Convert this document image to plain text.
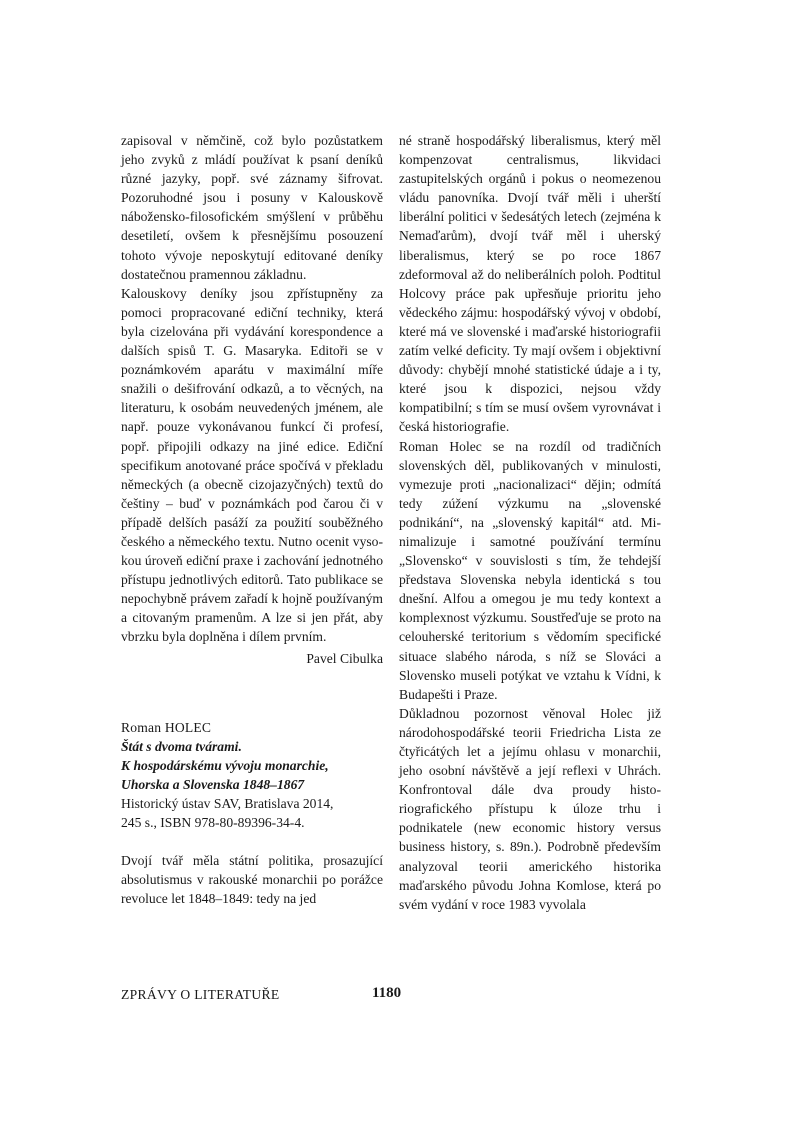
zapisoval v němčině, což bylo pozůstatkem jeho zvyků z mládí používat k psaní deníků různé jazyky, popř. své záznamy šifrovat. Pozoruhodné jsou i posuny v Kalouskově nábožensko-filosofickém smýšlení v průběhu desetiletí, ovšem k přesnějšímu posouzení tohoto vývoje neposkytují editované deníky dostatečnou pramennou základnu.

Kalouskovy deníky jsou zpřístupněny za pomoci propracované ediční techniky, která byla cizelována při vydávání korespondence a dalších spisů T. G. Masaryka. Editoři se v poznámkovém aparátu v maximální míře snažili o dešifrování odkazů, a to věcných, na literaturu, k osobám neuvedených jménem, ale např. pouze vykonávanou funkcí či profesí, popř. připojili odkazy na jiné edice. Ediční specifikum anotované práce spočívá v překladu německých (a obecně cizojazyčných) textů do češtiny – buď v poznámkách pod čarou či v případě delších pasáží za použití souběžného českého a německého textu. Nutno ocenit vysokou úroveň ediční praxe i zachování jednotného přístupu jednotlivých editorů. Tato publikace se nepochybně právem zařadí k hojně používaným a citovaným pramenům. A lze si jen přát, aby vbrzku byla doplněna i dílem prvním.

Pavel Cibulka

Roman HOLEC
Štát s dvoma tvárami.
K hospodárskému vývoju monarchie,
Uhorska a Slovenska 1848–1867
Historický ústav SAV, Bratislava 2014,
245 s., ISBN 978-80-89396-34-4.

Dvojí tvář měla státní politika, prosazující absolutismus v rakouské monarchii po porážce revoluce let 1848–1849: tedy na jed

né straně hospodářský liberalismus, který měl kompenzovat centralismus, likvidaci zastupitelských orgánů i pokus o neomezenou vládu panovníka. Dvojí tvář měli i uherští liberální politici v šedesátých letech (zejména k Nemaďarům), dvojí tvář měl i uherský liberalismus, který se po roce 1867 zdeformoval až do neliberálních poloh. Podtitul Holcovy práce pak upřesňuje prioritu jeho vědeckého zájmu: hospodářský vývoj v období, které má ve slovenské i maďarské historiografii zatím velké deficity. Ty mají ovšem i objektivní důvody: chybějí mnohé statistické údaje a i ty, které jsou k dispozici, nejsou vždy kompatibilní; s tím se musí ovšem vyrovnávat i česká historiografie.

Roman Holec se na rozdíl od tradičních slovenských děl, publikovaných v minulosti, vymezuje proti „nacionalizaci“ dějin; odmítá tedy zúžení výzkumu na „slovenské podnikání“, na „slovenský kapitál“ atd. Minimalizuje i samotné používání termínu „Slovensko“ v souvislosti s tím, že tehdejší představa Slovenska nebyla identická s tou dnešní. Alfou a omegou je mu tedy kontext a komplexnost výzkumu. Soustřeďuje se proto na celouherské teritorium s vědomím specifické situace slabého národa, s níž se Slováci a Slovensko museli potýkat ve vztahu k Vídni, k Budapešti i Praze.

Důkladnou pozornost věnoval Holec již národohospodářské teorii Friedricha Lista ze čtyřicátých let a jejímu ohlasu v monarchii, jeho osobní návštěvě a její reflexi v Uhrách. Konfrontoval dále dva proudy historiografického přístupu k úloze trhu i podnikatele (new economic history versus business history, s. 89n.). Podrobně především analyzoval teorii amerického historika maďarského původu Johna Komlose, která po svém vydání v roce 1983 vyvolala

ZPRÁVY O LITERATUŘE	1180
